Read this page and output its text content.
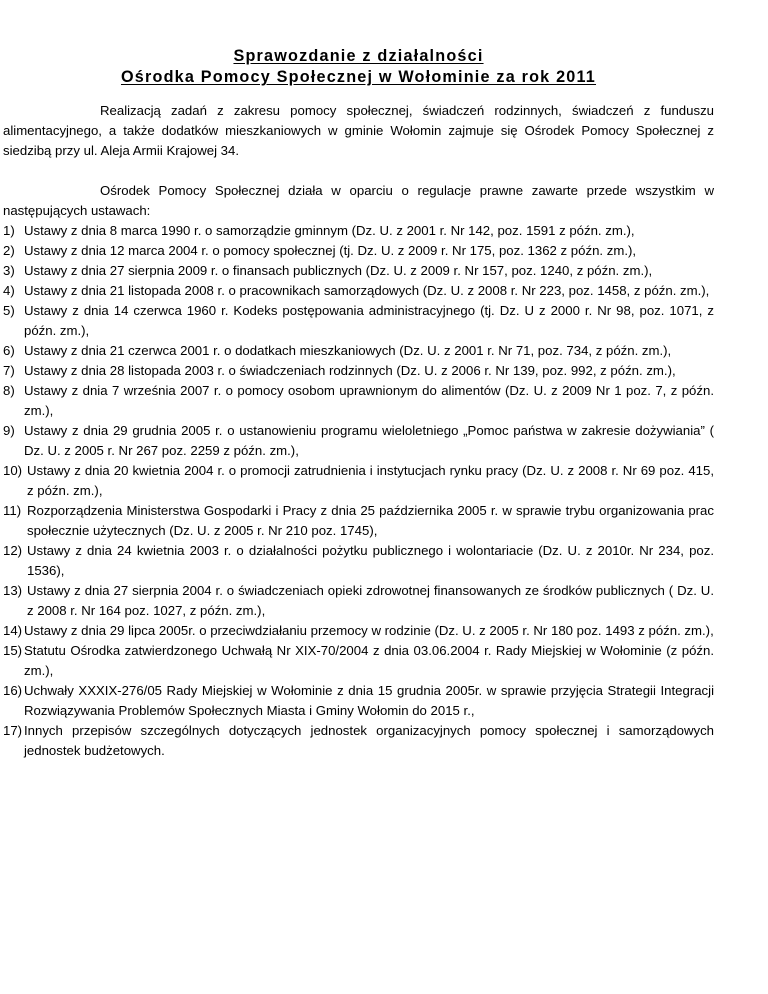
Sprawozdanie z działalności
Ośrodka Pomocy Społecznej w Wołominie za rok 2011

Realizacją zadań z zakresu pomocy społecznej, świadczeń rodzinnych, świadczeń z funduszu alimentacyjnego, a także dodatków mieszkaniowych w gminie Wołomin zajmuje się Ośrodek Pomocy Społecznej z siedzibą przy ul. Aleja Armii Krajowej 34.

Ośrodek Pomocy Społecznej działa w oparciu o regulacje prawne zawarte przede wszystkim w następujących ustawach:

1) Ustawy z dnia 8 marca 1990 r. o samorządzie gminnym (Dz. U. z 2001 r. Nr 142, poz. 1591 z późn. zm.),
2) Ustawy z dnia 12 marca 2004 r. o pomocy społecznej (tj. Dz. U. z 2009 r. Nr 175, poz. 1362 z późn. zm.),
3) Ustawy z dnia 27 sierpnia 2009 r. o finansach publicznych (Dz. U. z 2009 r. Nr 157, poz. 1240, z późn. zm.),
4) Ustawy z dnia 21 listopada 2008 r. o pracownikach samorządowych (Dz. U. z 2008 r. Nr 223, poz. 1458, z późn. zm.),
5) Ustawy z dnia 14 czerwca 1960 r. Kodeks postępowania administracyjnego (tj. Dz. U z 2000 r. Nr 98, poz. 1071, z późn. zm.),
6) Ustawy z dnia 21 czerwca 2001 r. o dodatkach mieszkaniowych (Dz. U. z 2001 r. Nr 71, poz. 734, z późn. zm.),
7) Ustawy z dnia 28 listopada 2003 r. o świadczeniach rodzinnych (Dz. U. z 2006 r. Nr 139, poz. 992, z późn. zm.),
8) Ustawy z dnia 7 września 2007 r. o pomocy osobom uprawnionym do alimentów (Dz. U. z 2009 Nr 1 poz. 7, z późn. zm.),
9) Ustawy z dnia 29 grudnia 2005 r. o ustanowieniu programu wieloletniego „Pomoc państwa w zakresie dożywiania” ( Dz. U. z 2005 r. Nr 267 poz. 2259 z późn. zm.),
10) Ustawy z dnia 20 kwietnia 2004 r. o promocji zatrudnienia i instytucjach rynku pracy (Dz. U. z 2008 r. Nr 69 poz. 415, z późn. zm.),
11) Rozporządzenia Ministerstwa Gospodarki i Pracy z dnia 25 października 2005 r. w sprawie trybu organizowania prac społecznie użytecznych (Dz. U. z 2005 r. Nr 210 poz. 1745),
12) Ustawy z dnia 24 kwietnia 2003 r. o działalności pożytku publicznego i wolontariacie (Dz. U. z 2010r. Nr 234, poz. 1536),
13) Ustawy z dnia 27 sierpnia 2004 r. o świadczeniach opieki zdrowotnej finansowanych ze środków publicznych ( Dz. U. z 2008 r. Nr 164 poz. 1027, z późn. zm.),
14) Ustawy z dnia 29 lipca 2005r. o przeciwdziałaniu przemocy w rodzinie (Dz. U. z 2005 r. Nr 180 poz. 1493 z późn. zm.),
15) Statutu Ośrodka zatwierdzonego Uchwałą Nr XIX-70/2004 z dnia 03.06.2004 r. Rady Miejskiej w Wołominie (z późn. zm.),
16) Uchwały XXXIX-276/05 Rady Miejskiej w Wołominie z dnia 15 grudnia 2005r. w sprawie przyjęcia Strategii Integracji Rozwiązywania Problemów Społecznych Miasta i Gminy Wołomin do 2015 r.,
17) Innych przepisów szczególnych dotyczących jednostek organizacyjnych pomocy społecznej i samorządowych jednostek budżetowych.
